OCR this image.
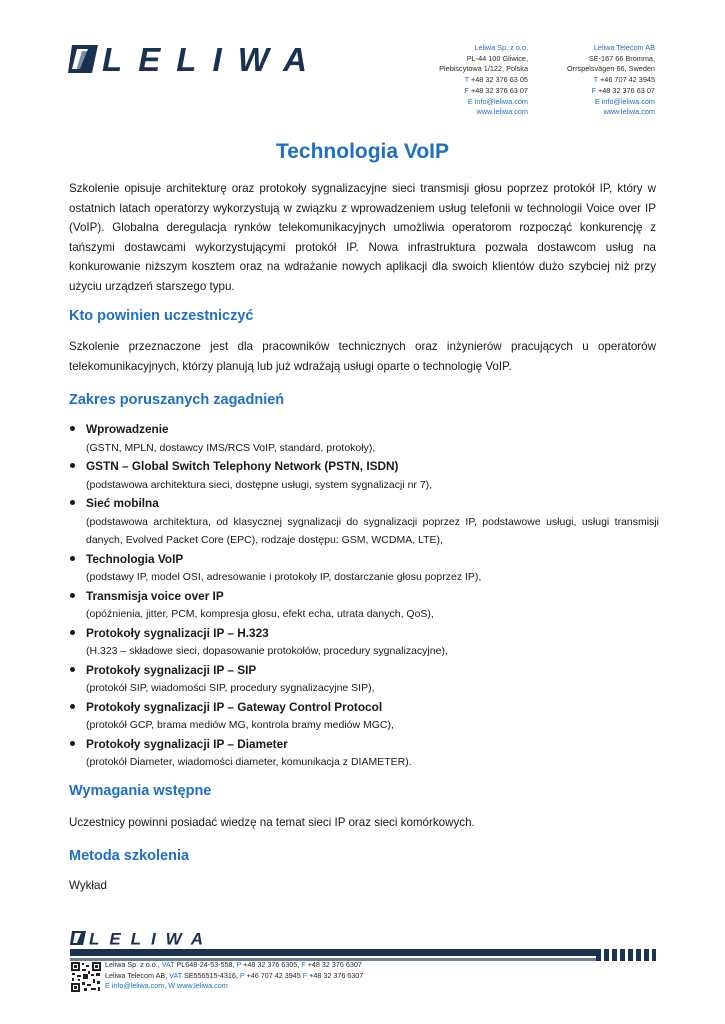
LELIWA	Leliwa Sp. z o.o.
PL-44 100 Gliwice,
Plebiscytowa 1/122, Polska
T +48 32 376 63 05
F +48 32 376 63 07
E info@leliwa.com
www.leliwa.com
Leliwa Telecom AB
SE-167 66 Bromma,
Orrspelsvägen 66, Sweden
T +46 707 42 3945
F +48 32 376 63 07
E info@leliwa.com
www.leliwa.com
Technologia VoIP

Szkolenie opisuje architekturę oraz protokoły sygnalizacyjne sieci transmisji głosu poprzez protokół IP, który w ostatnich latach operatorzy wykorzystują w związku z wprowadzeniem usług telefonii w technologii Voice over IP (VoIP). Globalna deregulacja rynków telekomunikacyjnych umożliwia operatorom rozpocząć konkurencję z tańszymi dostawcami wykorzystującymi protokół IP. Nowa infrastruktura pozwala dostawcom usług na konkurowanie niższym kosztem oraz na wdrażanie nowych aplikacji dla swoich klientów dużo szybciej niż przy użyciu urządzeń starszego typu.

Kto powinien uczestniczyć

Szkolenie przeznaczone jest dla pracowników technicznych oraz inżynierów pracujących u operatorów telekomunikacyjnych, którzy planują lub już wdrażają usługi oparte o technologię VoIP.

Zakres poruszanych zagadnień
Wprowadzenie
(GSTN, MPLN, dostawcy IMS/RCS VoIP, standard, protokoły),
GSTN – Global Switch Telephony Network (PSTN, ISDN)
(podstawowa architektura sieci, dostępne usługi, system sygnalizacji nr 7),
Sieć mobilna
(podstawowa architektura, od klasycznej sygnalizacji do sygnalizacji poprzez IP, podstawowe usługi, usługi transmisji danych, Evolved Packet Core (EPC), rodzaje dostępu: GSM, WCDMA, LTE),
Technologia VoIP
(podstawy IP, model OSI, adresowanie i protokoły IP, dostarczanie głosu poprzez IP),
Transmisja voice over IP
(opóźnienia, jitter, PCM, kompresja głosu, efekt echa, utrata danych, QoS),
Protokoły sygnalizacji IP – H.323
(H.323 – składowe sieci, dopasowanie protokołów, procedury sygnalizacyjne),
Protokoły sygnalizacji IP – SIP
(protokół SIP, wiadomości SIP, procedury sygnalizacyjne SIP),
Protokoły sygnalizacji IP – Gateway Control Protocol
(protokół GCP, brama mediów MG, kontrola bramy mediów MGC),
Protokoły sygnalizacji IP – Diameter
(protokół Diameter, wiadomości diameter, komunikacja z DIAMETER).
Wymagania wstępne

Uczestnicy powinni posiadać wiedzę na temat sieci IP oraz sieci komórkowych.

Metoda szkolenia

Wykład

LELIWA
Leliwa Sp. z o.o., VAT PL648-24-53-558, P +48 32 376 6305, F +48 32 376 6307
Leliwa Telecom AB, VAT SE556515-4316, P +46 707 42 3945 F +48 32 376 6307
E info@leliwa.com, W www.leliwa.com
